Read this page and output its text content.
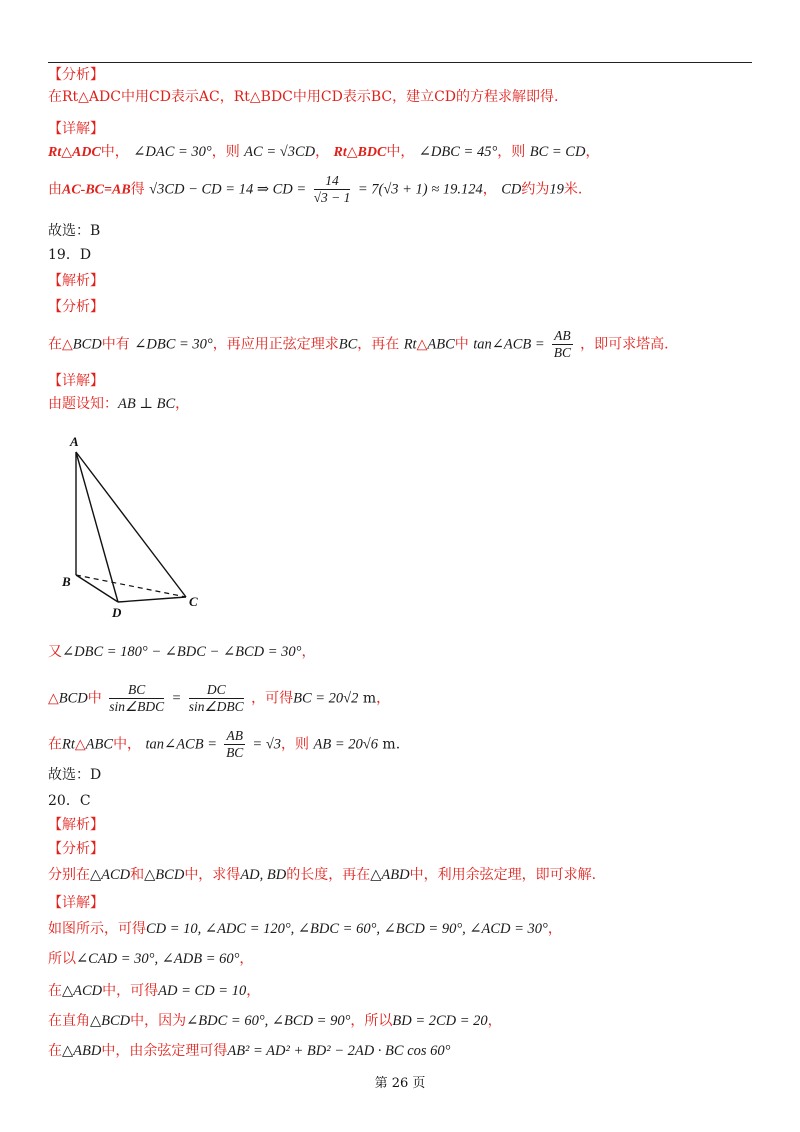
【分析】
在Rt△ADC中用CD表示AC，Rt△BDC中用CD表示BC，建立CD的方程求解即得.
【详解】
Rt△ADC中， ∠DAC = 30°，则 AC = √3CD， Rt△BDC中， ∠DBC = 45°，则 BC = CD，
由AC-BC=AB得 √3CD − CD = 14 ⇒ CD = $\frac{14}{√3 - 1} = 7(√3 + 1) \approx 19.124$， CD约为19米.
故选：B
19．D
【解析】
【分析】
在△BCD中有 ∠DBC = 30°，再应用正弦定理求BC，再在 Rt△ABC中 tan∠ACB = $\frac{AB}{BC}$ ，即可求塔高.
【详解】
由题设知：AB ⊥ BC，
A
B
D
C
又∠DBC = 180° − ∠BDC − ∠BCD = 30°，
△BCD中 $\frac{BC}{\text{sin∠BDC}} = \frac{DC}{\text{sin∠DBC}}$ ，可得BC = 20√2 m，
在Rt△ABC中， tan∠ACB = $\frac{AB}{BC} = √3$，则 AB = 20√6 m.
故选：D
20．C
【解析】
【分析】
分别在△ACD和△BCD中，求得AD, BD的长度，再在△ABD中，利用余弦定理，即可求解.
【详解】
如图所示，可得CD = 10, ∠ADC = 120°, ∠BDC = 60°, ∠BCD = 90°, ∠ACD = 30°，
所以∠CAD = 30°, ∠ADB = 60°，
在△ACD中，可得AD = CD = 10，
在直角△BCD中，因为∠BDC = 60°, ∠BCD = 90°，所以BD = 2CD = 20，
在△ABD中，由余弦定理可得AB² = AD² + BD² − 2AD · BC cos 60°
第 26 页
